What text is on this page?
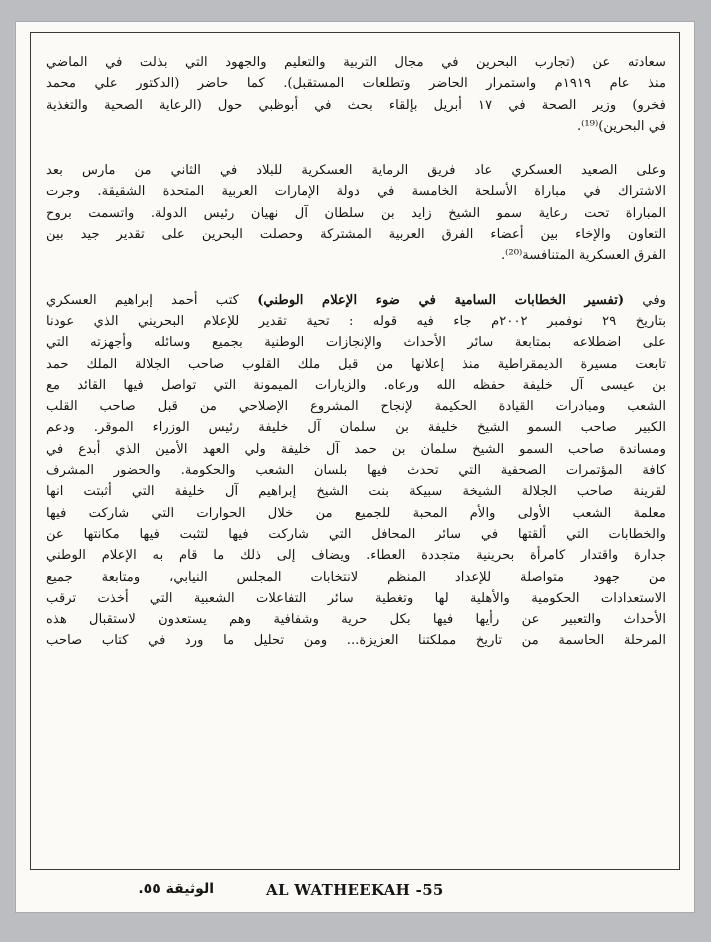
سعادته عن (تجارب البحرين في مجال التربية والتعليم والجهود التي بذلت في الماضي
منذ عام ١٩١٩م واستمرار الحاضر وتطلعات المستقبل). كما حاضر (الدكتور علي محمد
فخرو) وزير الصحة في ١٧ أبريل بإلقاء بحث في أبوظبي حول (الرعاية الصحية والتغذية
في البحرين)⁽¹⁹⁾.
وعلى الصعيد العسكري عاد فريق الرماية العسكرية للبلاد في الثاني من مارس بعد
الاشتراك في مباراة الأسلحة الخامسة في دولة الإمارات العربية المتحدة الشقيقة. وجرت
المباراة تحت رعاية سمو الشيخ زايد بن سلطان آل نهيان رئيس الدولة. واتسمت بروح
التعاون والإخاء بين أعضاء الفرق العربية المشتركة وحصلت البحرين على تقدير جيد بين
الفرق العسكرية المتنافسة⁽²⁰⁾.
وفي (تفسير الخطابات السامية في ضوء الإعلام الوطني) كتب أحمد إبراهيم العسكري
بتاريخ ٢٩ نوفمبر ٢٠٠٢م جاء فيه قوله : تحية تقدير للإعلام البحريني الذي عودنا
على اضطلاعه بمتابعة سائر الأحداث والإنجازات الوطنية بجميع وسائله وأجهزته التي
تابعت مسيرة الديمقراطية منذ إعلانها من قبل ملك القلوب صاحب الجلالة الملك حمد
بن عيسى آل خليفة حفظه الله ورعاه. والزيارات الميمونة التي تواصل فيها القائد مع
الشعب ومبادرات القيادة الحكيمة لإنجاح المشروع الإصلاحي من قبل صاحب القلب
الكبير صاحب السمو الشيخ خليفة بن سلمان آل خليفة رئيس الوزراء الموقر. ودعم
ومساندة صاحب السمو الشيخ سلمان بن حمد آل خليفة ولي العهد الأمين الذي أبدع في
كافة المؤتمرات الصحفية التي تحدث فيها بلسان الشعب والحكومة. والحضور المشرف
لقرينة صاحب الجلالة الشيخة سبيكة بنت الشيخ إبراهيم آل خليفة التي أثبتت انها
معلمة الشعب الأولى والأم المحبة للجميع من خلال الحوارات التي شاركت فيها
والخطابات التي ألقتها في سائر المحافل التي شاركت فيها لتثبت فيها مكانتها عن
جدارة واقتدار كامرأة بحرينية متجددة العطاء. ويضاف إلى ذلك ما قام به الإعلام الوطني
من جهود متواصلة للإعداد المنظم لانتخابات المجلس النيابي، ومتابعة جميع
الاستعدادات الحكومية والأهلية لها وتغطية سائر التفاعلات الشعبية التي أخذت ترقب
الأحداث والتعبير عن رأيها فيها بكل حرية وشفافية وهم يستعدون لاستقبال هذه
المرحلة الحاسمة من تاريخ مملكتنا العزيزة... ومن تحليل ما ورد في كتاب صاحب
AL WATHEEKAH -55
الوثيقة ٥٥.
